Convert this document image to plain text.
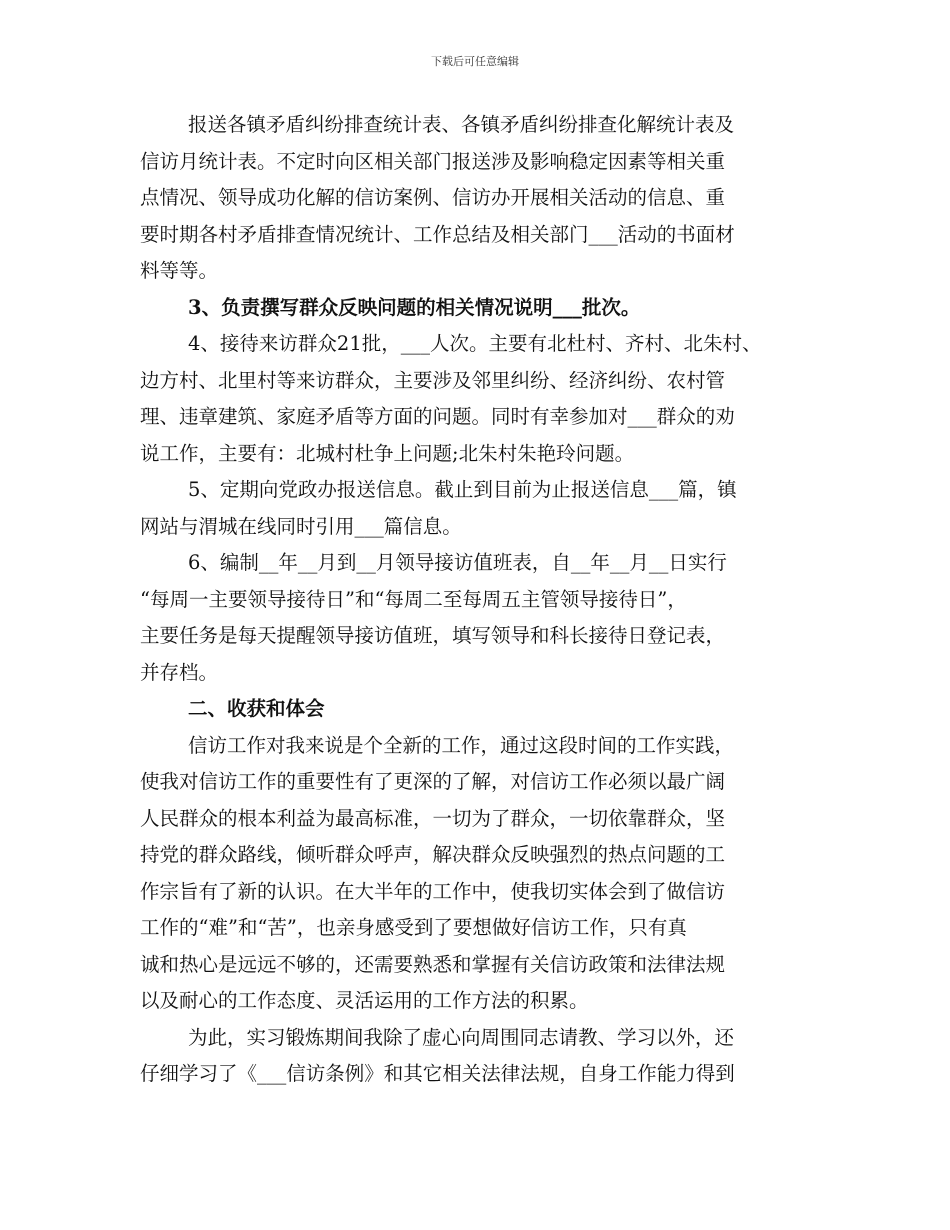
下载后可任意编辑
报送各镇矛盾纠纷排查统计表、各镇矛盾纠纷排查化解统计表及
信访月统计表。不定时向区相关部门报送涉及影响稳定因素等相关重
点情况、领导成功化解的信访案例、信访办开展相关活动的信息、重
要时期各村矛盾排查情况统计、工作总结及相关部门___活动的书面材
料等等。
3、负责撰写群众反映问题的相关情况说明___批次。
4、接待来访群众21批，___人次。主要有北杜村、齐村、北朱村、
边方村、北里村等来访群众，主要涉及邻里纠纷、经济纠纷、农村管
理、违章建筑、家庭矛盾等方面的问题。同时有幸参加对___群众的劝
说工作，主要有：北城村杜争上问题;北朱村朱艳玲问题。
5、定期向党政办报送信息。截止到目前为止报送信息___篇，镇
网站与渭城在线同时引用___篇信息。
6、编制__年__月到__月领导接访值班表，自__年__月__日实行
“每周一主要领导接待日”和“每周二至每周五主管领导接待日”，
主要任务是每天提醒领导接访值班，填写领导和科长接待日登记表，
并存档。
二、收获和体会
信访工作对我来说是个全新的工作，通过这段时间的工作实践，
使我对信访工作的重要性有了更深的了解，对信访工作必须以最广阔
人民群众的根本利益为最高标准，一切为了群众，一切依靠群众，坚
持党的群众路线，倾听群众呼声，解决群众反映强烈的热点问题的工
作宗旨有了新的认识。在大半年的工作中，使我切实体会到了做信访
工作的“难”和“苦”，也亲身感受到了要想做好信访工作，只有真
诚和热心是远远不够的，还需要熟悉和掌握有关信访政策和法律法规
以及耐心的工作态度、灵活运用的工作方法的积累。
为此，实习锻炼期间我除了虚心向周围同志请教、学习以外，还
仔细学习了《___信访条例》和其它相关法律法规，自身工作能力得到
